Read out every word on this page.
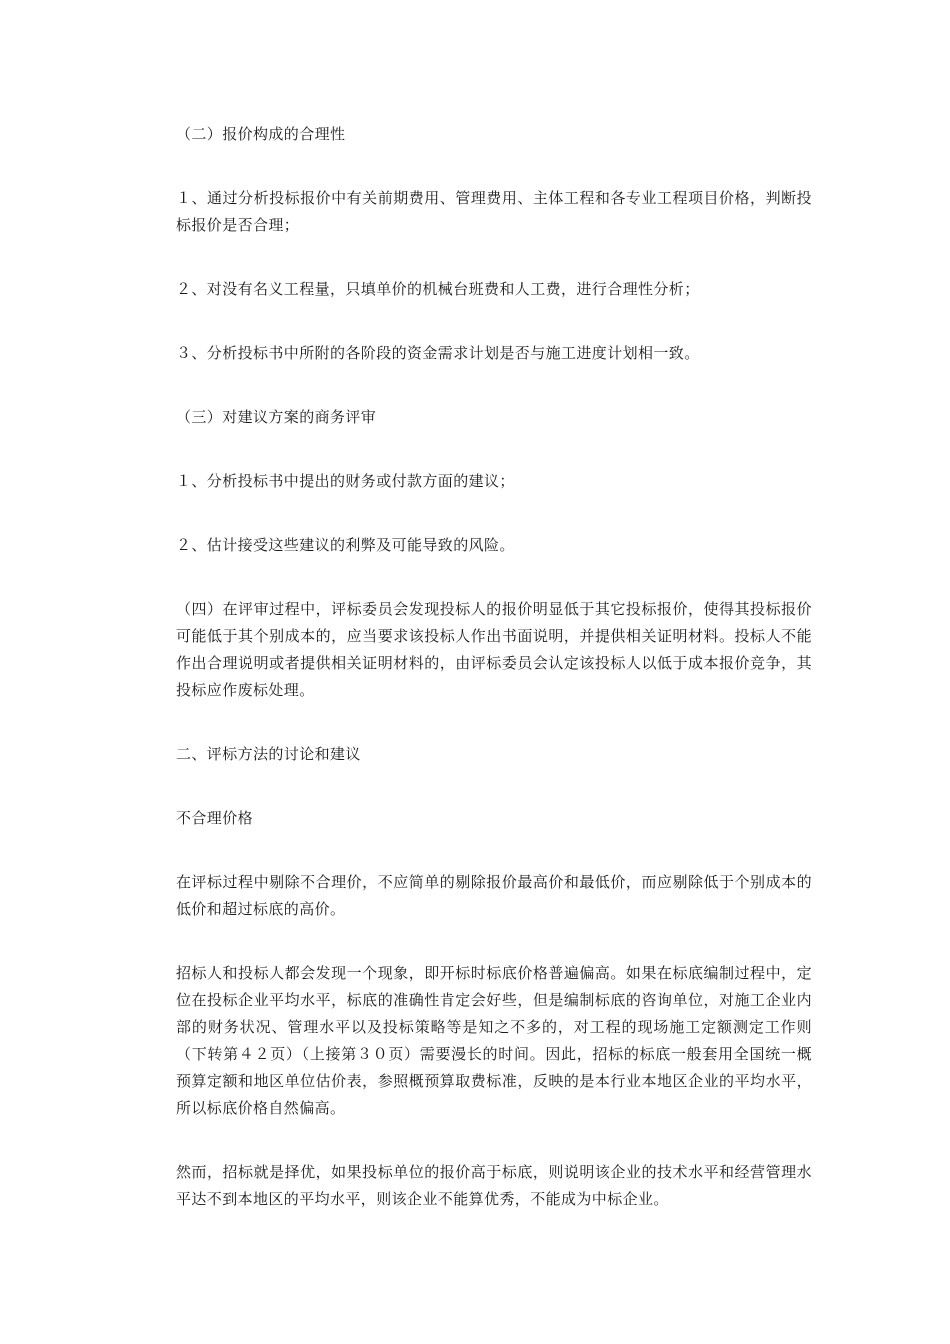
（二）报价构成的合理性

１、通过分析投标报价中有关前期费用、管理费用、主体工程和各专业工程项目价格，判断投标报价是否合理；

２、对没有名义工程量，只填单价的机械台班费和人工费，进行合理性分析；

３、分析投标书中所附的各阶段的资金需求计划是否与施工进度计划相一致。

（三）对建议方案的商务评审

１、分析投标书中提出的财务或付款方面的建议；

２、估计接受这些建议的利弊及可能导致的风险。

（四）在评审过程中，评标委员会发现投标人的报价明显低于其它投标报价，使得其投标报价可能低于其个别成本的，应当要求该投标人作出书面说明，并提供相关证明材料。投标人不能作出合理说明或者提供相关证明材料的，由评标委员会认定该投标人以低于成本报价竞争，其投标应作废标处理。

二、评标方法的讨论和建议

不合理价格

在评标过程中剔除不合理价，不应简单的剔除报价最高价和最低价，而应剔除低于个别成本的低价和超过标底的高价。

招标人和投标人都会发现一个现象，即开标时标底价格普遍偏高。如果在标底编制过程中，定位在投标企业平均水平，标底的准确性肯定会好些，但是编制标底的咨询单位，对施工企业内部的财务状况、管理水平以及投标策略等是知之不多的，对工程的现场施工定额测定工作则（下转第４２页）（上接第３０页）需要漫长的时间。因此，招标的标底一般套用全国统一概预算定额和地区单位估价表，参照概预算取费标准，反映的是本行业本地区企业的平均水平，所以标底价格自然偏高。

然而，招标就是择优，如果投标单位的报价高于标底，则说明该企业的技术水平和经营管理水平达不到本地区的平均水平，则该企业不能算优秀，不能成为中标企业。
